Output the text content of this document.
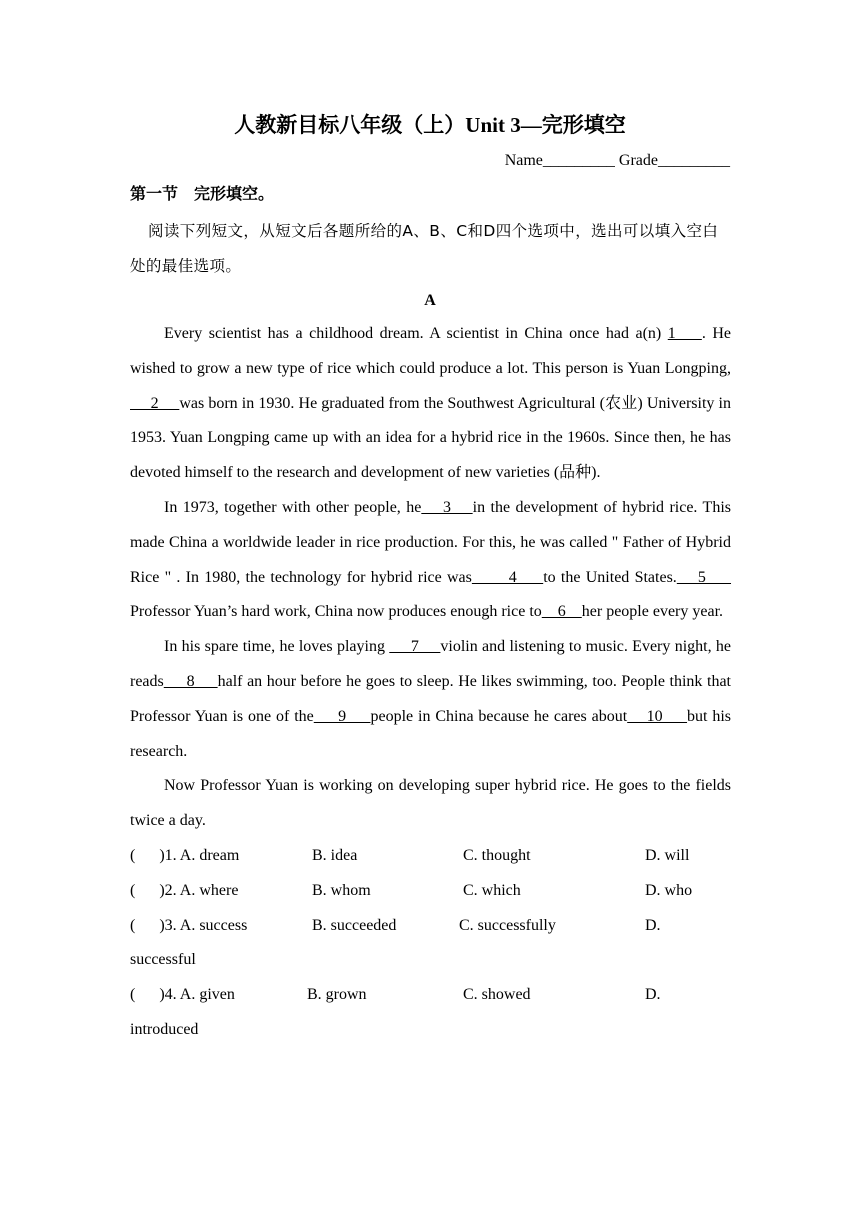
人教新目标八年级（上）Unit 3—完形填空
Name_________ Grade_________
第一节 完形填空。
阅读下列短文，从短文后各题所给的A、B、C和D四个选项中，选出可以填入空白处的最佳选项。
A

Every scientist has a childhood dream. A scientist in China once had a(n) 1    . He wished to grow a new type of rice which could produce a lot. This person is Yuan Longping,      2     was born in 1930. He graduated from the Southwest Agricultural (农业) University in 1953. Yuan Longping came up with an idea for a hybrid rice in the 1960s. Since then, he has devoted himself to the research and development of new varieties (品种).

In 1973, together with other people, he    3    in the development of hybrid rice. This made China a worldwide leader in rice production. For this, he was called " Father of Hybrid Rice " . In 1980, the technology for hybrid rice was       4     to the United States.    5      Professor Yuan’s hard work, China now produces enough rice to    6    her people every year.

In his spare time, he loves playing      7     violin and listening to music. Every night, he reads     8     half an hour before he goes to sleep. He likes swimming, too. People think that Professor Yuan is one of the     9     people in China because he cares about    10     but his research.

Now Professor Yuan is working on developing super hybrid rice. He goes to the fields twice a day.

(      )1. A. dream	B. idea	C. thought	D. will
(      )2. A. where	B. whom	C. which	D. who
(      )3. A. success	B. succeeded	C. successfully	D.
successful
(      )4. A. given	B. grown	C. showed	D.
introduced
